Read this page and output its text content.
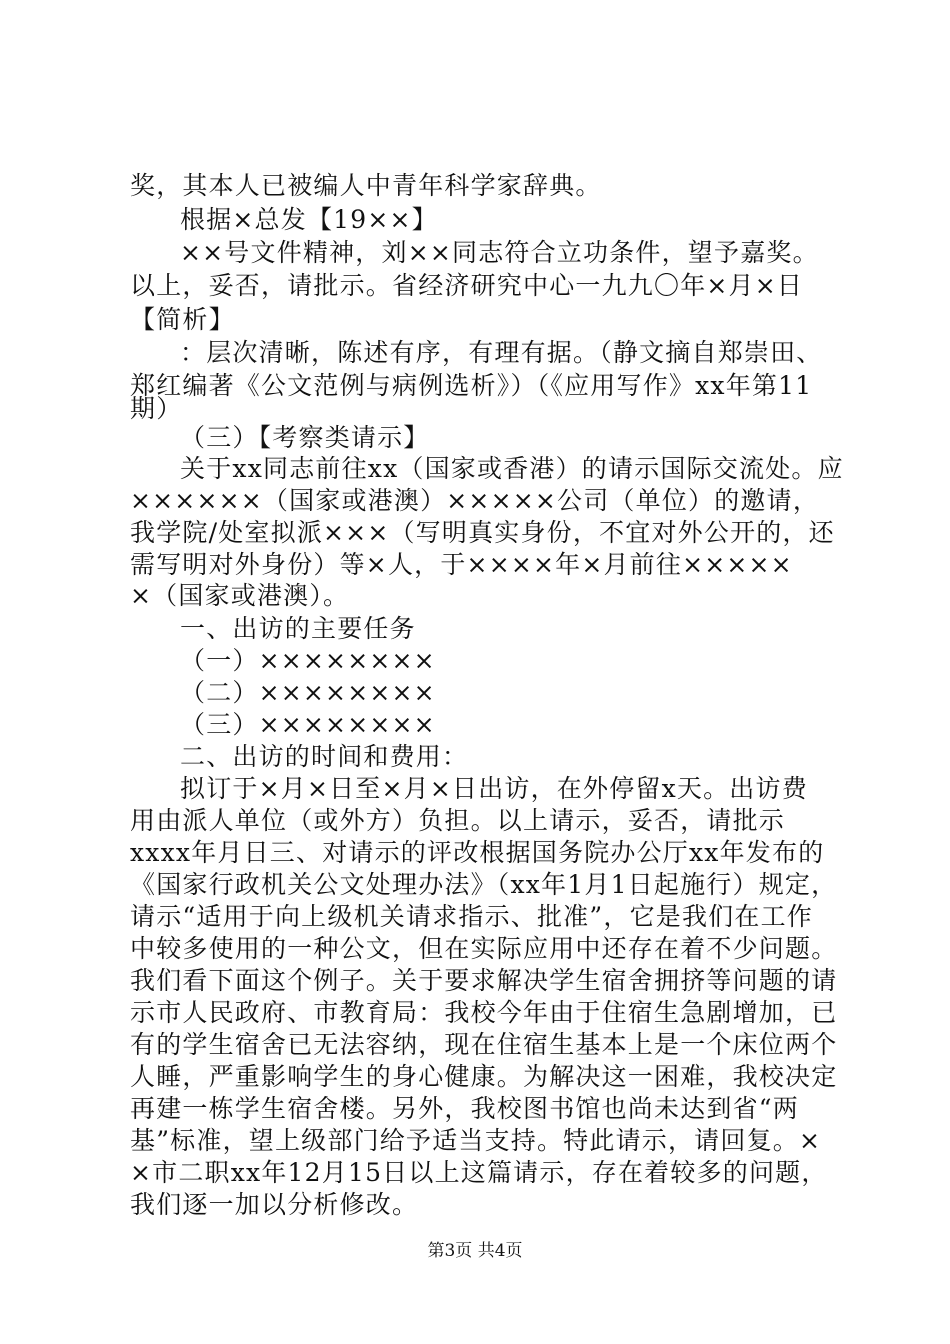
奖，其本人已被编人中青年科学家辞典。
根据×总发【19××】
××号文件精神，刘××同志符合立功条件，望予嘉奖。
以上，妥否，请批示。省经济研究中心一九九〇年×月×日
【简析】
：层次清晰，陈述有序，有理有据。（静文摘自郑崇田、
郑红编著《公文范例与病例选析》）（《应用写作》xx年第11
期）
（三）【考察类请示】
关于xx同志前往xx（国家或香港）的请示国际交流处。应
××××××（国家或港澳）×××××公司（单位）的邀请，
我学院/处室拟派×××（写明真实身份，不宜对外公开的，还
需写明对外身份）等×人，于××××年×月前往×××××
×（国家或港澳）。
一、出访的主要任务
（一）××××××××
（二）××××××××
（三）××××××××
二、出访的时间和费用：
拟订于×月×日至×月×日出访，在外停留x天。出访费
用由派人单位（或外方）负担。以上请示，妥否，请批示
xxxx年月日三、对请示的评改根据国务院办公厅xx年发布的
《国家行政机关公文处理办法》（xx年1月1日起施行）规定，
请示“适用于向上级机关请求指示、批准”，它是我们在工作
中较多使用的一种公文，但在实际应用中还存在着不少问题。
我们看下面这个例子。关于要求解决学生宿舍拥挤等问题的请
示市人民政府、市教育局：我校今年由于住宿生急剧增加，已
有的学生宿舍已无法容纳，现在住宿生基本上是一个床位两个
人睡，严重影响学生的身心健康。为解决这一困难，我校决定
再建一栋学生宿舍楼。另外，我校图书馆也尚未达到省“两
基”标准，望上级部门给予适当支持。特此请示，请回复。×
×市二职xx年12月15日以上这篇请示，存在着较多的问题，
我们逐一加以分析修改。
第3页 共4页
